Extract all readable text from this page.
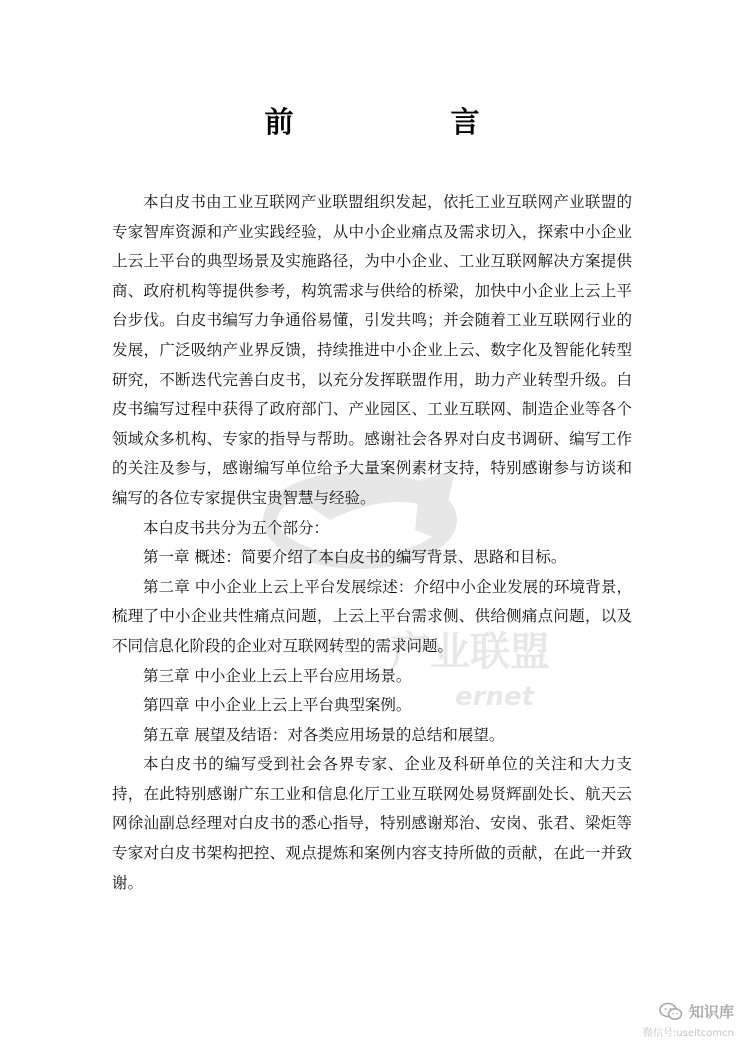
产业联盟
ernet
前　言

本白皮书由工业互联网产业联盟组织发起，依托工业互联网产业联盟的专家智库资源和产业实践经验，从中小企业痛点及需求切入，探索中小企业上云上平台的典型场景及实施路径，为中小企业、工业互联网解决方案提供商、政府机构等提供参考，构筑需求与供给的桥梁，加快中小企业上云上平台步伐。白皮书编写力争通俗易懂，引发共鸣；并会随着工业互联网行业的发展，广泛吸纳产业界反馈，持续推进中小企业上云、数字化及智能化转型研究，不断迭代完善白皮书，以充分发挥联盟作用，助力产业转型升级。白皮书编写过程中获得了政府部门、产业园区、工业互联网、制造企业等各个领域众多机构、专家的指导与帮助。感谢社会各界对白皮书调研、编写工作的关注及参与，感谢编写单位给予大量案例素材支持，特别感谢参与访谈和编写的各位专家提供宝贵智慧与经验。

本白皮书共分为五个部分：

第一章 概述：简要介绍了本白皮书的编写背景、思路和目标。

第二章 中小企业上云上平台发展综述：介绍中小企业发展的环境背景，梳理了中小企业共性痛点问题，上云上平台需求侧、供给侧痛点问题，以及不同信息化阶段的企业对互联网转型的需求问题。

第三章 中小企业上云上平台应用场景。

第四章 中小企业上云上平台典型案例。

第五章 展望及结语：对各类应用场景的总结和展望。

本白皮书的编写受到社会各界专家、企业及科研单位的关注和大力支持，在此特别感谢广东工业和信息化厅工业互联网处易贤辉副处长、航天云网徐汕副总经理对白皮书的悉心指导，特别感谢郑治、安岗、张君、梁炬等专家对白皮书架构把控、观点提炼和案例内容支持所做的贡献，在此一并致谢。

知识库
微信号:useitcomcn
